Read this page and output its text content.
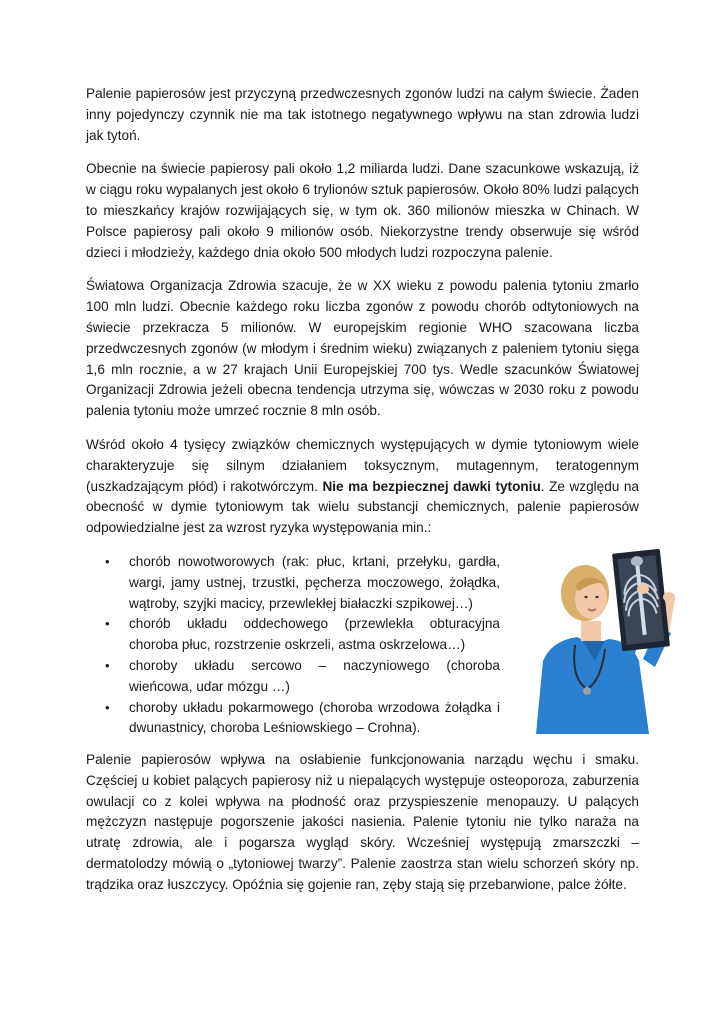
Palenie papierosów jest przyczyną przedwczesnych zgonów ludzi na całym świecie. Żaden inny pojedynczy czynnik nie ma tak istotnego negatywnego wpływu na stan zdrowia ludzi jak tytoń.

Obecnie na świecie papierosy pali około 1,2 miliarda ludzi. Dane szacunkowe wskazują, iż w ciągu roku wypalanych jest około 6 trylionów sztuk papierosów. Około 80% ludzi palących to mieszkańcy krajów rozwijających się, w tym ok. 360 milionów mieszka w Chinach. W Polsce papierosy pali około 9 milionów osób. Niekorzystne trendy obserwuje się wśród dzieci i młodzieży, każdego dnia około 500 młodych ludzi rozpoczyna palenie.

Światowa Organizacja Zdrowia szacuje, że w XX wieku z powodu palenia tytoniu zmarło 100 mln ludzi. Obecnie każdego roku liczba zgonów z powodu chorób odtytoniowych na świecie przekracza 5 milionów. W europejskim regionie WHO szacowana liczba przedwczesnych zgonów (w młodym i średnim wieku) związanych z paleniem tytoniu sięga 1,6 mln rocznie, a w 27 krajach Unii Europejskiej 700 tys. Wedle szacunków Światowej Organizacji Zdrowia jeżeli obecna tendencja utrzyma się, wówczas w 2030 roku z powodu palenia tytoniu może umrzeć rocznie 8 mln osób.

Wśród około 4 tysięcy związków chemicznych występujących w dymie tytoniowym wiele charakteryzuje się silnym działaniem toksycznym, mutagennym, teratogennym (uszkadzającym płód) i rakotwórczym. Nie ma bezpiecznej dawki tytoniu. Ze względu na obecność w dymie tytoniowym tak wielu substancji chemicznych, palenie papierosów odpowiedzialne jest za wzrost ryzyka występowania min.:

•	chorób nowotworowych (rak: płuc, krtani, przełyku, gardła, wargi, jamy ustnej, trzustki, pęcherza moczowego, żołądka, wątroby, szyjki macicy, przewlekłej białaczki szpikowej…)
•	chorób układu oddechowego (przewlekła obturacyjna choroba płuc, rozstrzenie oskrzeli, astma oskrzelowa…)
•	choroby układu sercowo – naczyniowego (choroba wieńcowa, udar mózgu …)
•	choroby układu pokarmowego (choroba wrzodowa żołądka i dwunastnicy, choroba Leśniowskiego – Crohna).

Palenie papierosów wpływa na osłabienie funkcjonowania narządu węchu i smaku. Częściej u kobiet palących papierosy niż u niepalących występuje osteoporoza, zaburzenia owulacji co z kolei wpływa na płodność oraz przyspieszenie menopauzy. U palących mężczyzn następuje pogorszenie jakości nasienia. Palenie tytoniu nie tylko naraża na utratę zdrowia, ale i pogarsza wygląd skóry. Wcześniej występują zmarszczki – dermatolodzy mówią o „tytoniowej twarzy”. Palenie zaostrza stan wielu schorzeń skóry np. trądzika oraz łuszczycy. Opóźnia się gojenie ran, zęby stają się przebarwione, palce żółte.
